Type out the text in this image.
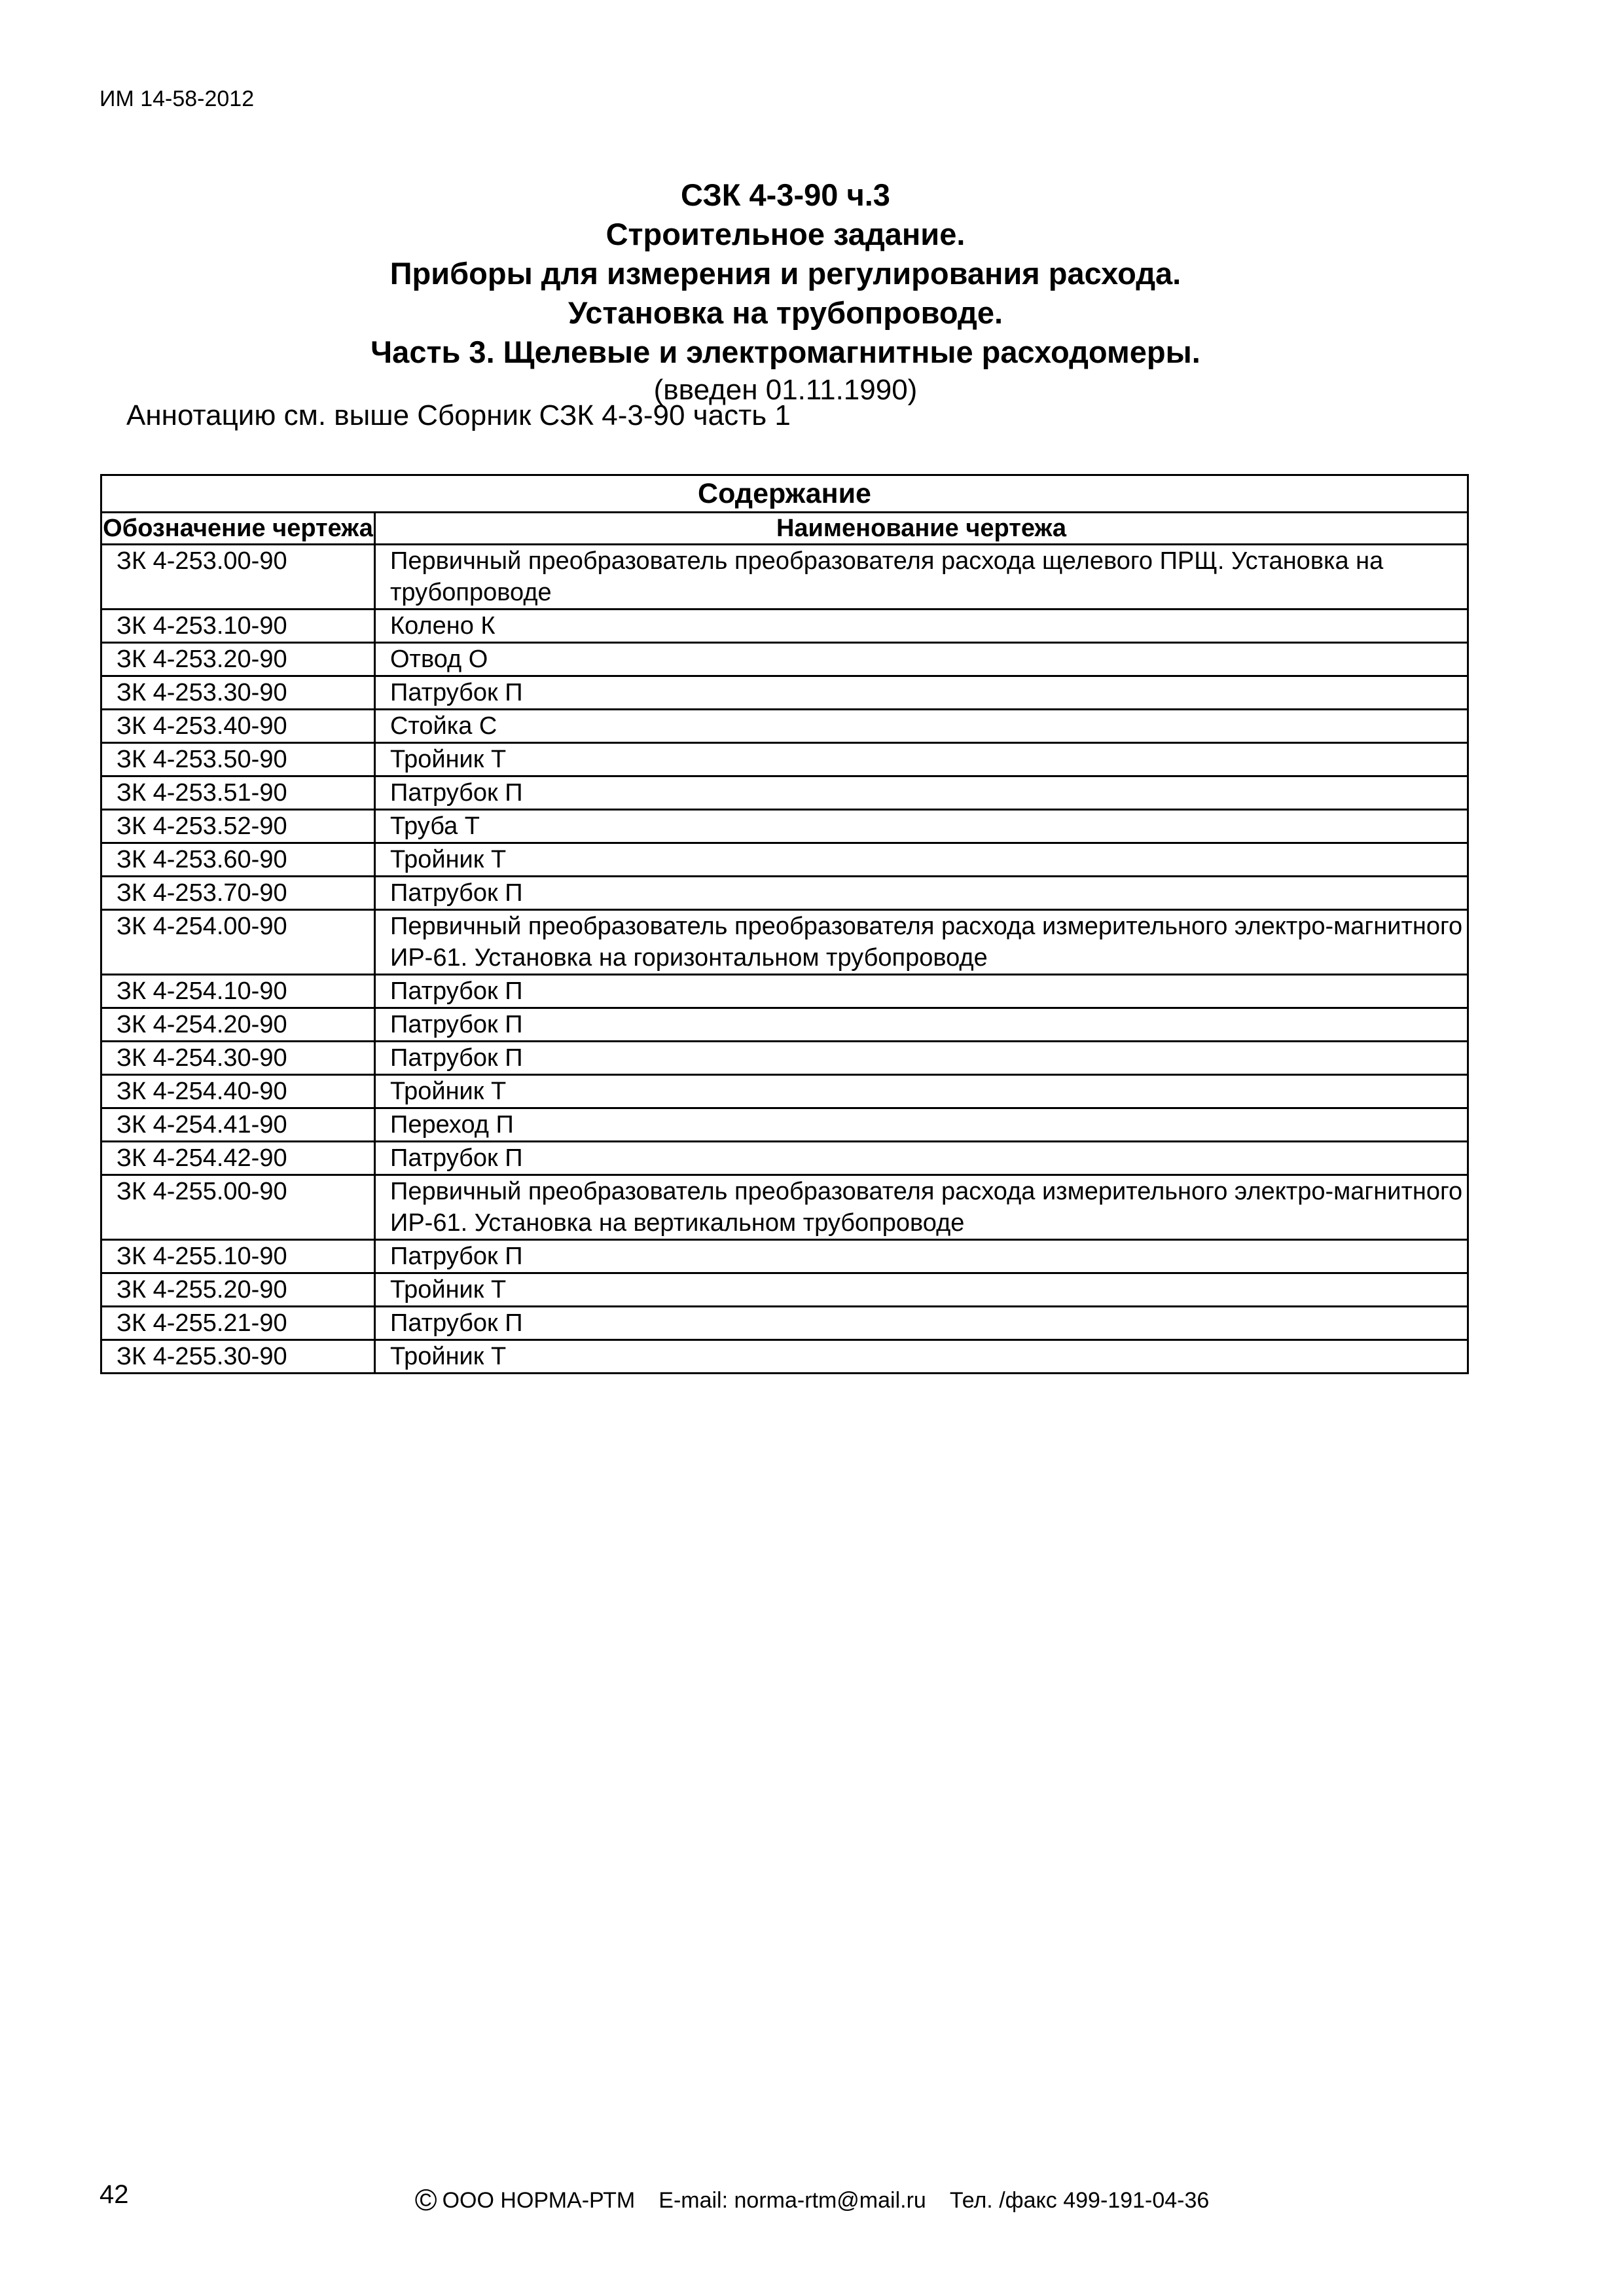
ИМ 14-58-2012
СЗК 4-3-90 ч.3
Строительное задание.
Приборы для измерения и регулирования расхода.
Установка на трубопроводе.
Часть 3. Щелевые и электромагнитные расходомеры.
(введен 01.11.1990)
Аннотацию см. выше Сборник СЗК 4-3-90 часть 1
Содержание	
Обозначение чертежа	Наименование чертежа
ЗК 4-253.00-90	Первичный преобразователь преобразователя расхода щелевого ПРЩ. Установка на трубопроводе
ЗК 4-253.10-90	Колено К
ЗК 4-253.20-90	Отвод О
ЗК 4-253.30-90	Патрубок П
ЗК 4-253.40-90	Стойка С
ЗК 4-253.50-90	Тройник Т
ЗК 4-253.51-90	Патрубок П
ЗК 4-253.52-90	Труба Т
ЗК 4-253.60-90	Тройник Т
ЗК 4-253.70-90	Патрубок П
ЗК 4-254.00-90	Первичный преобразователь преобразователя расхода измерительного электро-магнитного ИР-61. Установка на горизонтальном трубопроводе
ЗК 4-254.10-90	Патрубок П
ЗК 4-254.20-90	Патрубок П
ЗК 4-254.30-90	Патрубок П
ЗК 4-254.40-90	Тройник Т
ЗК 4-254.41-90	Переход П
ЗК 4-254.42-90	Патрубок П
ЗК 4-255.00-90	Первичный преобразователь преобразователя расхода измерительного электро-магнитного ИР-61. Установка на вертикальном трубопроводе
ЗК 4-255.10-90	Патрубок П
ЗК 4-255.20-90	Тройник Т
ЗК 4-255.21-90	Патрубок П
ЗК 4-255.30-90	Тройник Т
42	© ООО НОРМА-РТМ E-mail: norma-rtm@mail.ru Тел. /факс 499-191-04-36
